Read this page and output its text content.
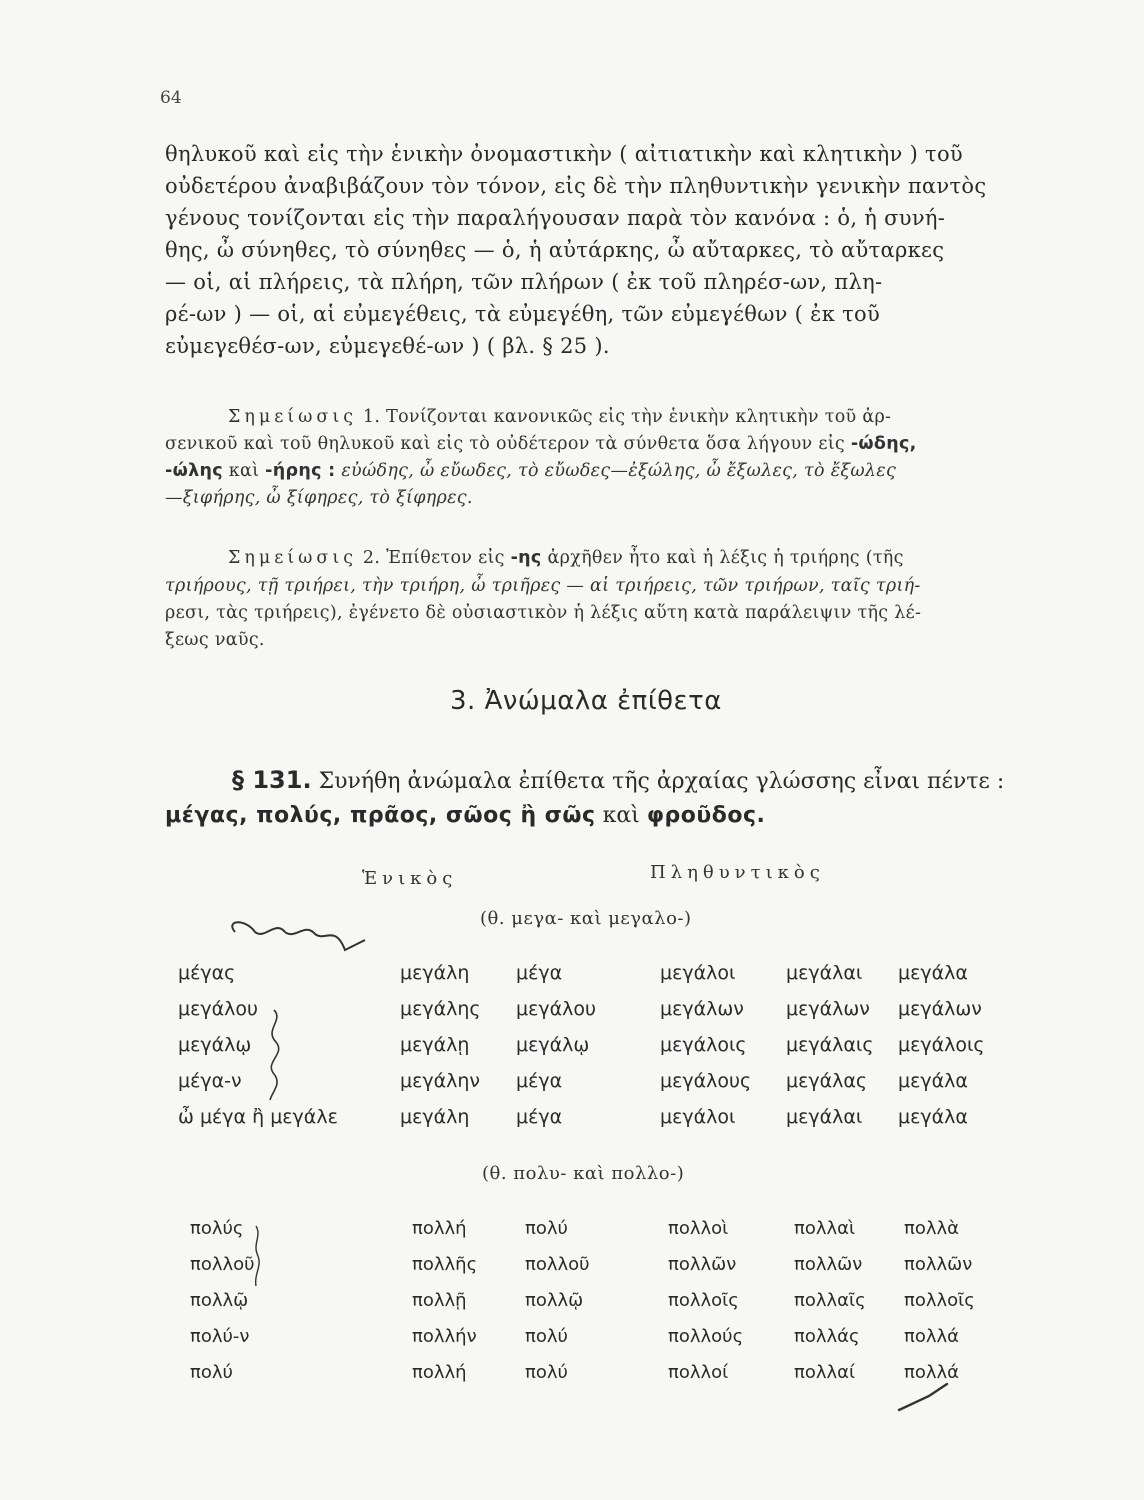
64

θηλυκοῦ καὶ εἰς τὴν ἑνικὴν ὀνομαστικὴν ( αἰτιατικὴν καὶ κλητικὴν ) τοῦ

οὐδετέρου ἀναβιβάζουν τὸν τόνον, εἰς δὲ τὴν πληθυντικὴν γενικὴν παντὸς

γένους τονίζονται εἰς τὴν παραλήγουσαν παρὰ τὸν κανόνα : ὁ, ἡ συνή-

θης, ὦ σύνηθες, τὸ σύνηθες — ὁ, ἡ αὐτάρκης, ὦ αὔταρκες, τὸ αὔταρκες

— οἱ, αἱ πλήρεις, τὰ πλήρη, τῶν πλήρων ( ἐκ τοῦ πληρέσ-ων, πλη-

ρέ-ων ) — οἱ, αἱ εὐμεγέθεις, τὰ εὐμεγέθη, τῶν εὐμεγέθων ( ἐκ τοῦ

εὐμεγεθέσ-ων, εὐμεγεθέ-ων ) ( βλ. § 25 ).

Σημείωσις 1. Τονίζονται κανονικῶς εἰς τὴν ἑνικὴν κλητικὴν τοῦ ἀρ-

σενικοῦ καὶ τοῦ θηλυκοῦ καὶ εἰς τὸ οὐδέτερον τὰ σύνθετα ὅσα λήγουν εἰς -ώδης,

-ώλης καὶ -ήρης : εὐώδης, ὦ εὔωδες, τὸ εὔωδες—ἐξώλης, ὦ ἔξωλες, τὸ ἔξωλες

—ξιφήρης, ὦ ξίφηρες, τὸ ξίφηρες.

Σημείωσις 2. Ἐπίθετον εἰς -ης ἀρχῆθεν ἦτο καὶ ἡ λέξις ἡ τριήρης (τῆς

τριήρους, τῇ τριήρει, τὴν τριήρη, ὦ τριῆρες — αἱ τριήρεις, τῶν τριήρων, ταῖς τριή-

ρεσι, τὰς τριήρεις), ἐγένετο δὲ οὐσιαστικὸν ἡ λέξις αὕτη κατὰ παράλειψιν τῆς λέ-

ξεως ναῦς.

3. Ἀνώμαλα ἐπίθετα

§ 131. Συνήθη ἀνώμαλα ἐπίθετα τῆς ἀρχαίας γλώσσης εἶναι πέντε :

μέγας, πολύς, πρᾶος, σῶος ἢ σῶς καὶ φροῦδος.

Ἑνικὸς	Πληθυντικὸς
(θ. μεγα- καὶ μεγαλο-)
μέγας	μεγάλη	μέγα	μεγάλοι	μεγάλαι	μεγάλα
μεγάλου	μεγάλης	μεγάλου	μεγάλων	μεγάλων	μεγάλων
μεγάλῳ	μεγάλῃ	μεγάλῳ	μεγάλοις	μεγάλαις	μεγάλοις
μέγα-ν	μεγάλην	μέγα	μεγάλους	μεγάλας	μεγάλα
ὦ μέγα ἢ μεγάλε	μεγάλη	μέγα	μεγάλοι	μεγάλαι	μεγάλα
(θ. πολυ- καὶ πολλο-)
πολύς	πολλή	πολύ	πολλοὶ	πολλαὶ	πολλὰ
πολλοῦ	πολλῆς	πολλοῦ	πολλῶν	πολλῶν	πολλῶν
πολλῷ	πολλῇ	πολλῷ	πολλοῖς	πολλαῖς	πολλοῖς
πολύ-ν	πολλήν	πολύ	πολλούς	πολλάς	πολλά
πολύ	πολλή	πολύ	πολλοί	πολλαί	πολλά
